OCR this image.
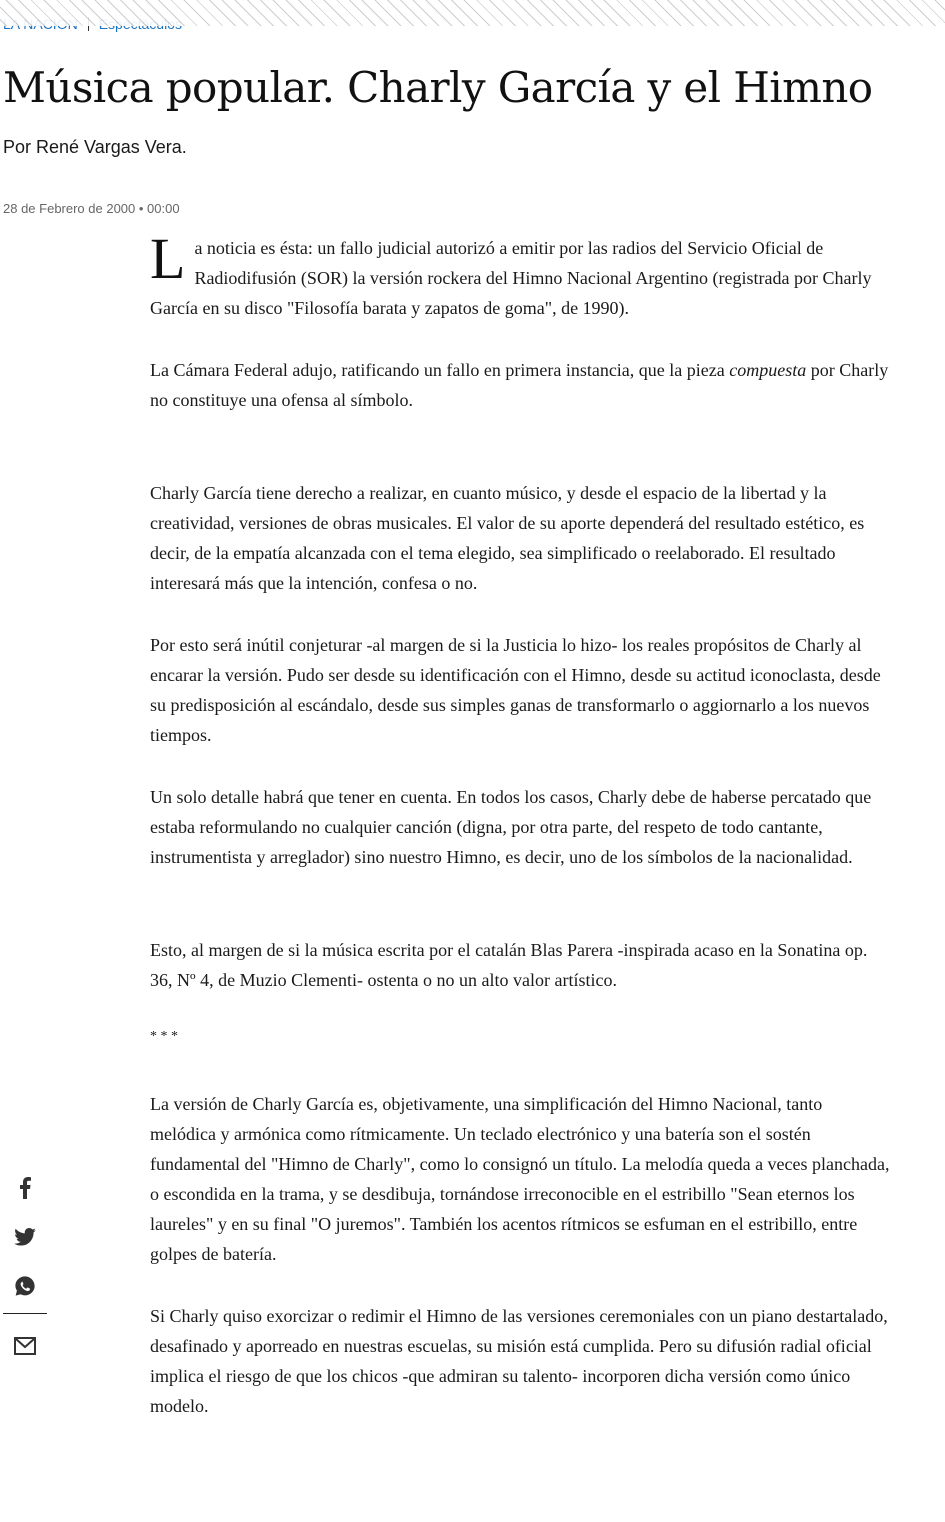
Música popular. Charly García y el Himno
Por René Vargas Vera.
28 de Febrero de 2000 • 00:00

La noticia es ésta: un fallo judicial autorizó a emitir por las radios del Servicio Oficial de Radiodifusión (SOR) la versión rockera del Himno Nacional Argentino (registrada por Charly García en su disco "Filosofía barata y zapatos de goma", de 1990).

La Cámara Federal adujo, ratificando un fallo en primera instancia, que la pieza compuesta por Charly no constituye una ofensa al símbolo.

Charly García tiene derecho a realizar, en cuanto músico, y desde el espacio de la libertad y la creatividad, versiones de obras musicales. El valor de su aporte dependerá del resultado estético, es decir, de la empatía alcanzada con el tema elegido, sea simplificado o reelaborado. El resultado interesará más que la intención, confesa o no.

Por esto será inútil conjeturar -al margen de si la Justicia lo hizo- los reales propósitos de Charly al encarar la versión. Pudo ser desde su identificación con el Himno, desde su actitud iconoclasta, desde su predisposición al escándalo, desde sus simples ganas de transformarlo o aggiornarlo a los nuevos tiempos.

Un solo detalle habrá que tener en cuenta. En todos los casos, Charly debe de haberse percatado que estaba reformulando no cualquier canción (digna, por otra parte, del respeto de todo cantante, instrumentista y arreglador) sino nuestro Himno, es decir, uno de los símbolos de la nacionalidad.

Esto, al margen de si la música escrita por el catalán Blas Parera -inspirada acaso en la Sonatina op. 36, Nº 4, de Muzio Clementi- ostenta o no un alto valor artístico.

* * *

La versión de Charly García es, objetivamente, una simplificación del Himno Nacional, tanto melódica y armónica como rítmicamente. Un teclado electrónico y una batería son el sostén fundamental del "Himno de Charly", como lo consignó un título. La melodía queda a veces planchada, o escondida en la trama, y se desdibuja, tornándose irreconocible en el estribillo "Sean eternos los laureles" y en su final "O juremos". También los acentos rítmicos se esfuman en el estribillo, entre golpes de batería.

Si Charly quiso exorcizar o redimir el Himno de las versiones ceremoniales con un piano destartalado, desafinado y aporreado en nuestras escuelas, su misión está cumplida. Pero su difusión radial oficial implica el riesgo de que los chicos -que admiran su talento- incorporen dicha versión como único modelo.
